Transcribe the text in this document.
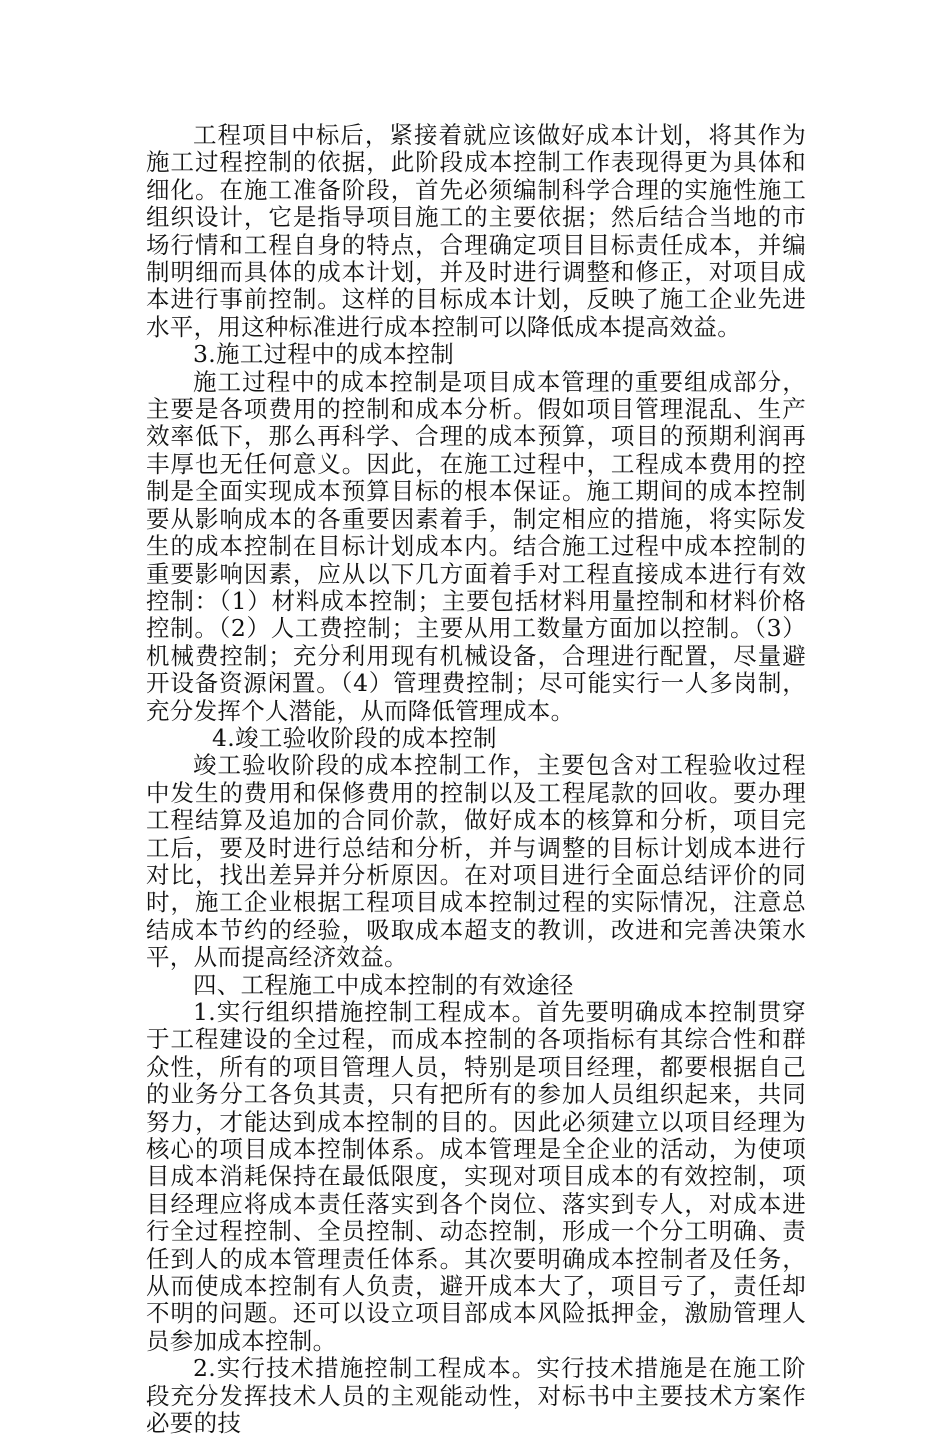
工程项目中标后，紧接着就应该做好成本计划，将其作为施工过程控制的依据，此阶段成本控制工作表现得更为具体和细化。在施工准备阶段，首先必须编制科学合理的实施性施工组织设计，它是指导项目施工的主要依据；然后结合当地的市场行情和工程自身的特点，合理确定项目目标责任成本，并编制明细而具体的成本计划，并及时进行调整和修正，对项目成本进行事前控制。这样的目标成本计划，反映了施工企业先进水平，用这种标准进行成本控制可以降低成本提高效益。

3.施工过程中的成本控制

施工过程中的成本控制是项目成本管理的重要组成部分，主要是各项费用的控制和成本分析。假如项目管理混乱、生产效率低下，那么再科学、合理的成本预算，项目的预期利润再丰厚也无任何意义。因此，在施工过程中，工程成本费用的控制是全面实现成本预算目标的根本保证。施工期间的成本控制要从影响成本的各重要因素着手，制定相应的措施，将实际发生的成本控制在目标计划成本内。结合施工过程中成本控制的重要影响因素，应从以下几方面着手对工程直接成本进行有效控制：（1）材料成本控制；主要包括材料用量控制和材料价格控制。（2）人工费控制；主要从用工数量方面加以控制。（3）机械费控制；充分利用现有机械设备，合理进行配置，尽量避开设备资源闲置。（4）管理费控制；尽可能实行一人多岗制，充分发挥个人潜能，从而降低管理成本。

4.竣工验收阶段的成本控制

竣工验收阶段的成本控制工作，主要包含对工程验收过程中发生的费用和保修费用的控制以及工程尾款的回收。要办理工程结算及追加的合同价款，做好成本的核算和分析，项目完工后，要及时进行总结和分析，并与调整的目标计划成本进行对比，找出差异并分析原因。在对项目进行全面总结评价的同时，施工企业根据工程项目成本控制过程的实际情况，注意总结成本节约的经验，吸取成本超支的教训，改进和完善决策水平，从而提高经济效益。

四、工程施工中成本控制的有效途径

1.实行组织措施控制工程成本。首先要明确成本控制贯穿于工程建设的全过程，而成本控制的各项指标有其综合性和群众性，所有的项目管理人员，特别是项目经理，都要根据自己的业务分工各负其责，只有把所有的参加人员组织起来，共同努力，才能达到成本控制的目的。因此必须建立以项目经理为核心的项目成本控制体系。成本管理是全企业的活动，为使项目成本消耗保持在最低限度，实现对项目成本的有效控制，项目经理应将成本责任落实到各个岗位、落实到专人，对成本进行全过程控制、全员控制、动态控制，形成一个分工明确、责任到人的成本管理责任体系。其次要明确成本控制者及任务，从而使成本控制有人负责，避开成本大了，项目亏了，责任却不明的问题。还可以设立项目部成本风险抵押金，激励管理人员参加成本控制。

2.实行技术措施控制工程成本。实行技术措施是在施工阶段充分发挥技术人员的主观能动性，对标书中主要技术方案作必要的技
